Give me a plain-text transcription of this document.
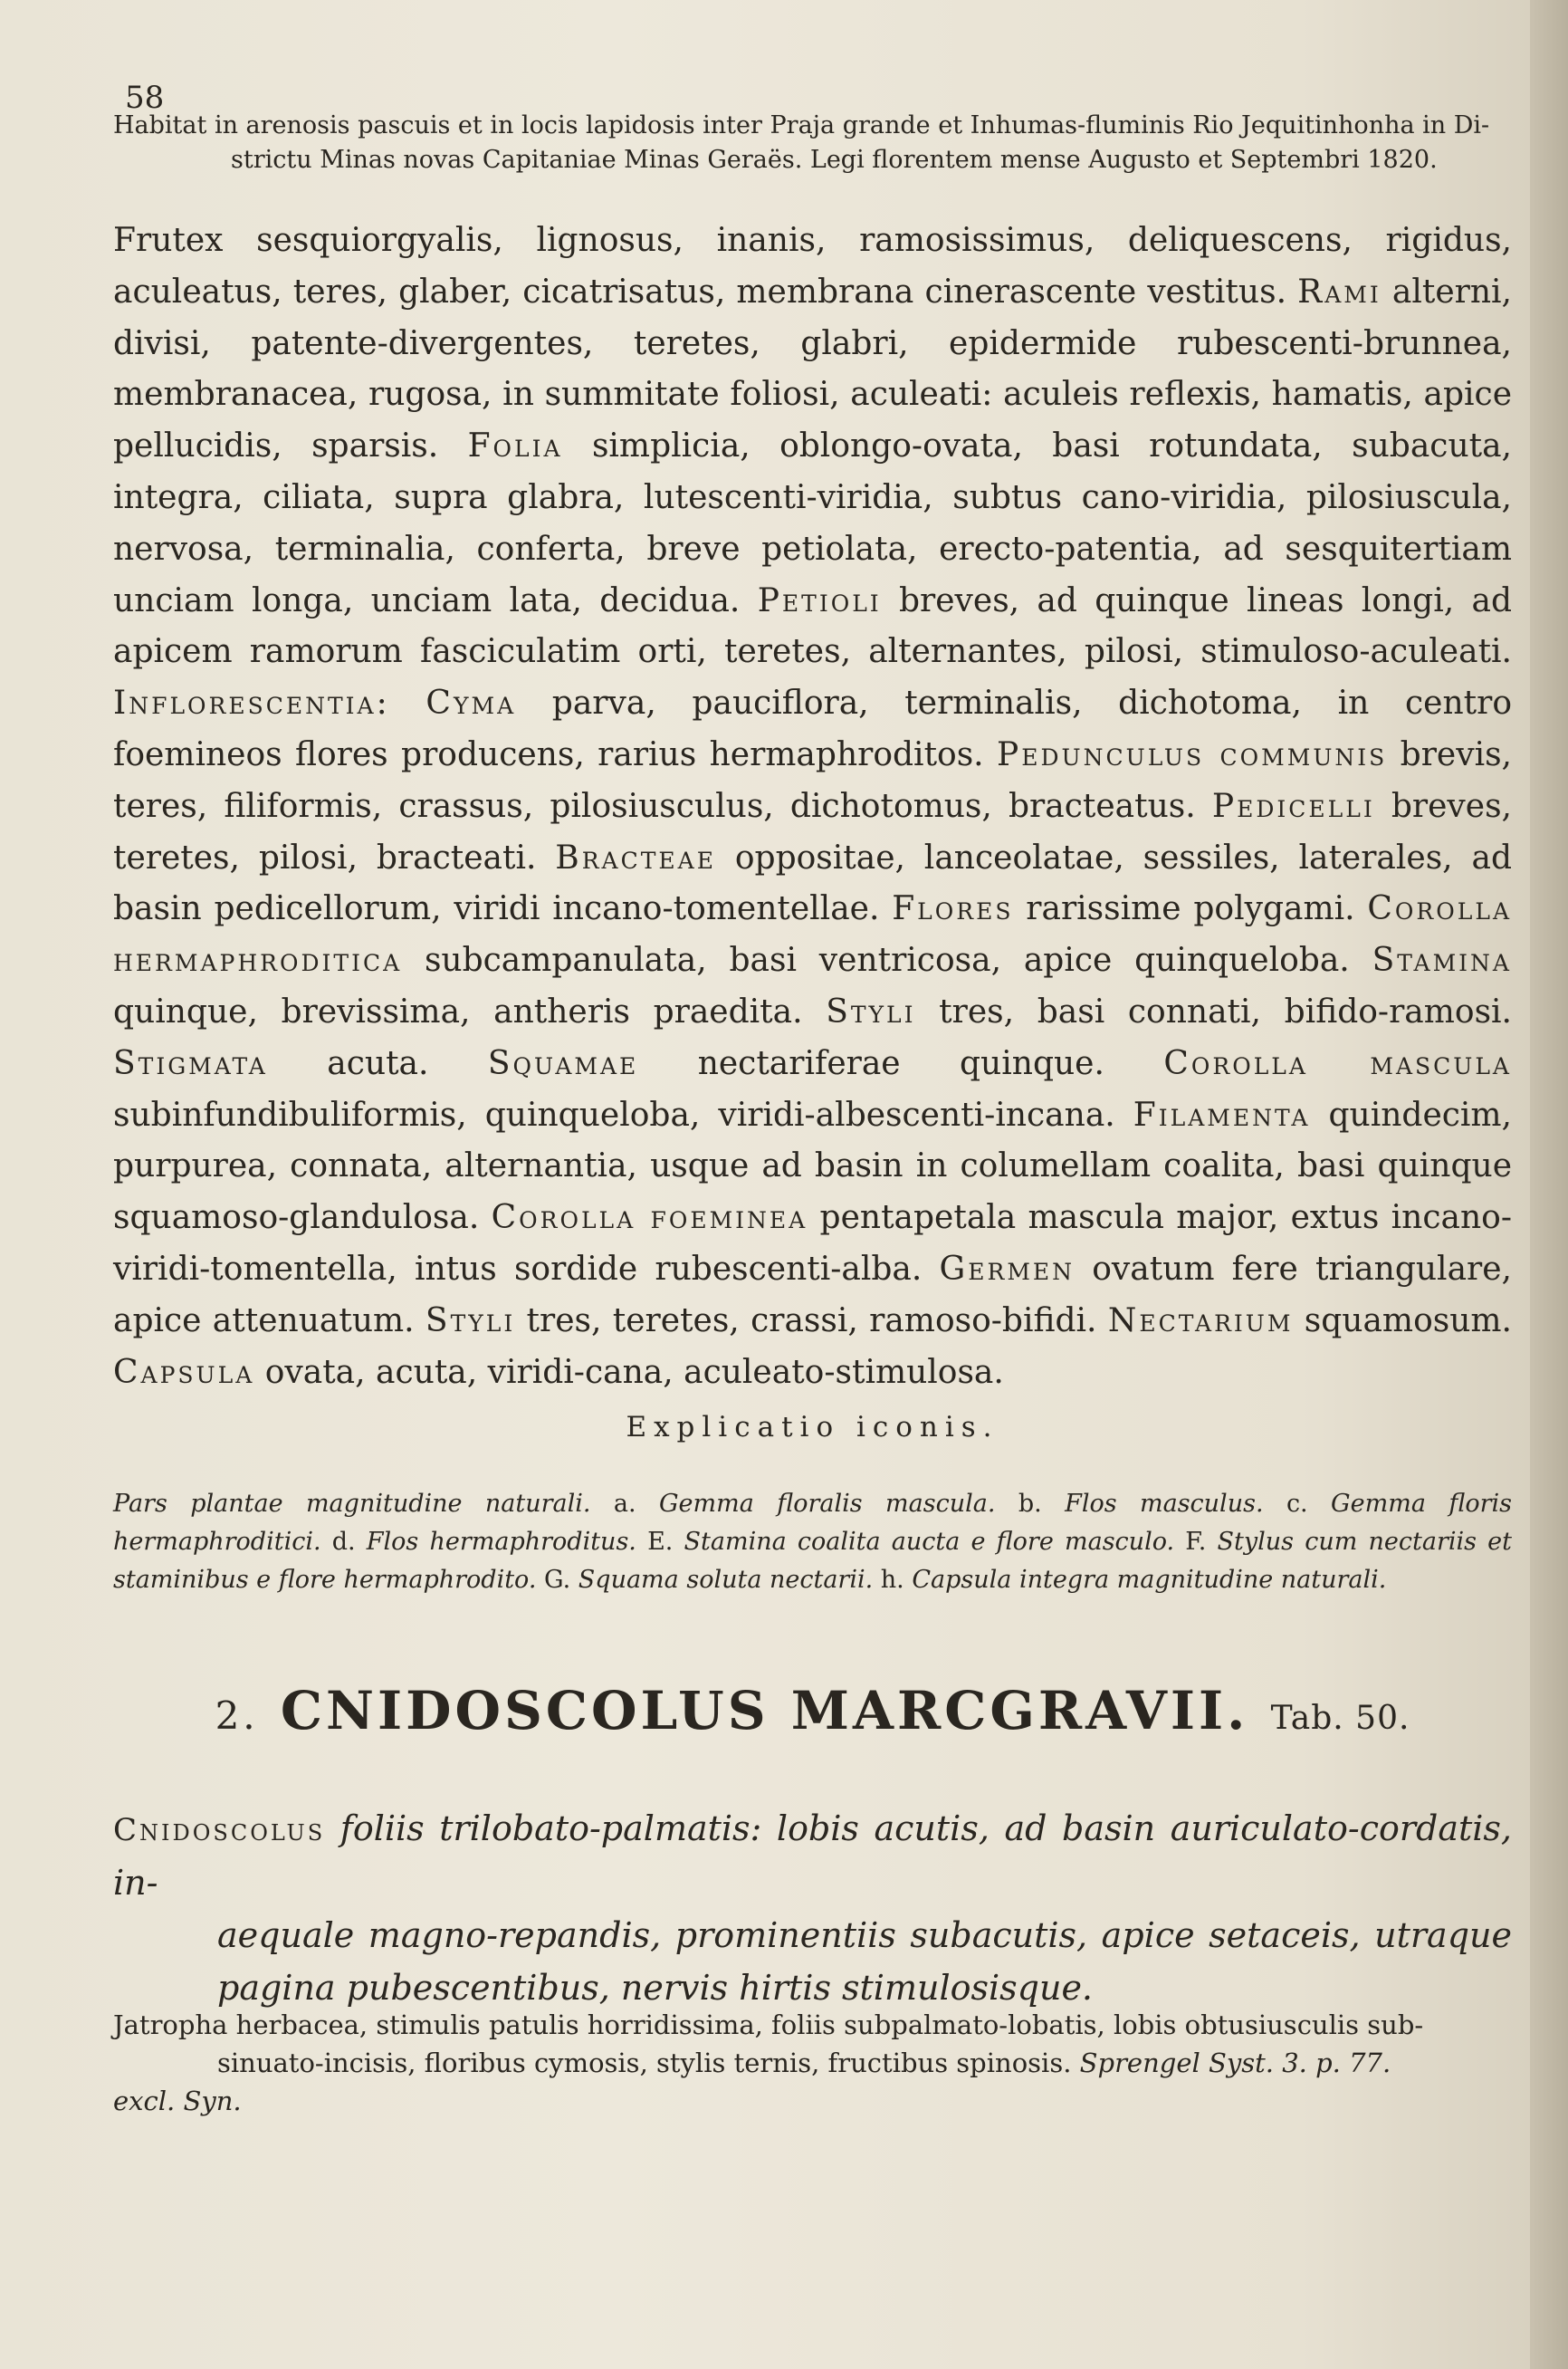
58

Habitat in arenosis pascuis et in locis lapidosis inter Praja grande et Inhumas-fluminis Rio Jequitinhonha in Di-
strictu Minas novas Capitaniae Minas Geraës. Legi florentem mense Augusto et Septembri 1820.

Frutex sesquiorgyalis, lignosus, inanis, ramosissimus, deliquescens, rigidus, aculeatus, teres, glaber, cicatrisatus, membrana cinerascente vestitus. Rami alterni, divisi, patente-divergentes, teretes, glabri, epidermide rubescenti-brunnea, membranacea, rugosa, in summitate foliosi, aculeati: aculeis reflexis, hamatis, apice pellucidis, sparsis. Folia simplicia, oblongo-ovata, basi rotundata, subacuta, integra, ciliata, supra glabra, lutescenti-viridia, subtus cano-viridia, pilosiuscula, nervosa, terminalia, conferta, breve petiolata, erecto-patentia, ad sesquitertiam unciam longa, unciam lata, decidua. Petioli breves, ad quinque lineas longi, ad apicem ramorum fasciculatim orti, teretes, alternantes, pilosi, stimuloso-aculeati. Inflorescentia: Cyma parva, pauciflora, terminalis, dichotoma, in centro foemineos flores producens, rarius hermaphroditos. Pedunculus communis brevis, teres, filiformis, crassus, pilosiusculus, dichotomus, bracteatus. Pedicelli breves, teretes, pilosi, bracteati. Bracteae oppositae, lanceolatae, sessiles, laterales, ad basin pedicellorum, viridi incano-tomentellae. Flores rarissime polygami. Corolla hermaphroditica subcampanulata, basi ventricosa, apice quinqueloba. Stamina quinque, brevissima, antheris praedita. Styli tres, basi connati, bifido-ramosi. Stigmata acuta. Squamae nectariferae quinque. Corolla mascula subinfundibuliformis, quinqueloba, viridi-albescenti-incana. Filamenta quindecim, purpurea, connata, alternantia, usque ad basin in columellam coalita, basi quinque squamoso-glandulosa. Corolla foeminea pentapetala mascula major, extus incano-viridi-tomentella, intus sordide rubescenti-alba. Germen ovatum fere triangulare, apice attenuatum. Styli tres, teretes, crassi, ramoso-bifidi. Nectarium squamosum. Capsula ovata, acuta, viridi-cana, aculeato-stimulosa.

Explicatio iconis.

Pars plantae magnitudine naturali. a. Gemma floralis mascula. b. Flos masculus. c. Gemma floris hermaphroditici. d. Flos hermaphroditus. E. Stamina coalita aucta e flore masculo. F. Stylus cum nectariis et staminibus e flore hermaphrodito. G. Squama soluta nectarii. h. Capsula integra magnitudine naturali.

2. CNIDOSCOLUS MARCGRAVII. Tab. 50.

Cnidoscolus foliis trilobato-palmatis: lobis acutis, ad basin auriculato-cordatis, in-
aequale magno-repandis, prominentiis subacutis, apice setaceis, utraque pagina pubescentibus, nervis hirtis stimulosisque.

Jatropha herbacea, stimulis patulis horridissima, foliis subpalmato-lobatis, lobis obtusiusculis sub-
sinuato-incisis, floribus cymosis, stylis ternis, fructibus spinosis. Sprengel Syst. 3. p. 77.
excl. Syn.
